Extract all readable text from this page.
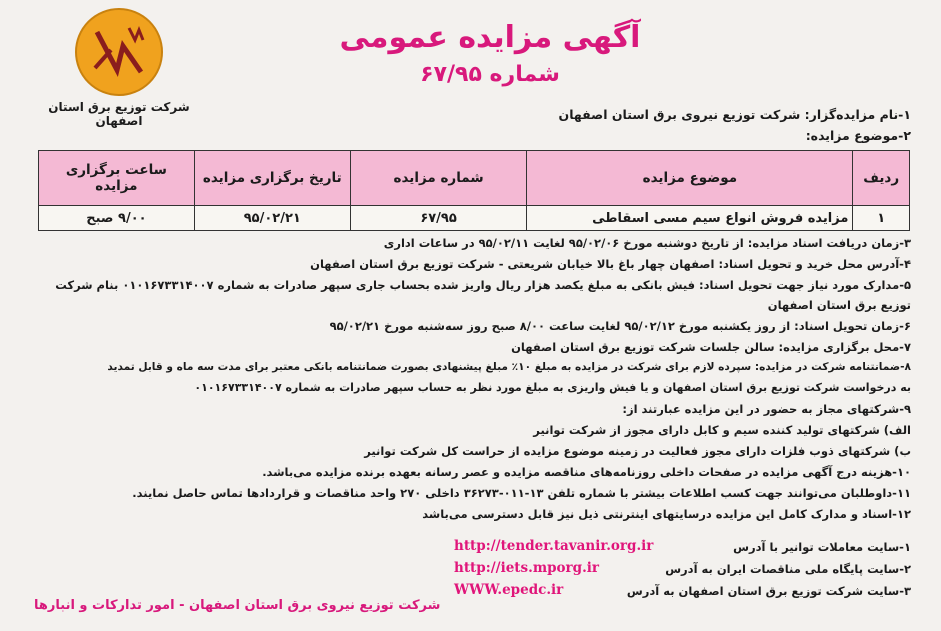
شرکت توزیع برق استان اصفهان
آگهی مزایده عمومی
شماره ۶۷/۹۵
۱-نام مزایده‌گزار: شرکت توزیع نیروی برق استان اصفهان
۲-موضوع مزایده:
ردیف	موضوع مزایده	شماره مزایده	تاریخ برگزاری مزایده	ساعت برگزاری مزایده
۱	مزایده فروش انواع سیم مسی اسقاطی	۶۷/۹۵	۹۵/۰۲/۲۱	۹/۰۰ صبح
۳-زمان دریافت اسناد مزایده: از تاریخ دوشنبه مورخ ۹۵/۰۲/۰۶ لغایت ۹۵/۰۲/۱۱ در ساعات اداری
۴-آدرس محل خرید و تحویل اسناد: اصفهان چهار باغ بالا خیابان شریعتی - شرکت توزیع برق استان اصفهان
۵-مدارک مورد نیاز جهت تحویل اسناد: فیش بانکی به مبلغ یکصد هزار ریال واریز شده بحساب جاری سپهر صادرات به شماره ۰۱۰۱۶۷۳۳۱۴۰۰۷ بنام شرکت
توزیع برق استان اصفهان
۶-زمان تحویل اسناد: از روز یکشنبه مورخ ۹۵/۰۲/۱۲ لغایت ساعت ۸/۰۰ صبح روز سه‌شنبه مورخ ۹۵/۰۲/۲۱
۷-محل برگزاری مزایده: سالن جلسات شرکت توزیع برق استان اصفهان
۸-ضمانتنامه شرکت در مزایده: سپرده لازم برای شرکت در مزایده به مبلغ ۱۰٪ مبلغ پیشنهادی بصورت ضمانتنامه بانکی معتبر برای مدت سه ماه و قابل تمدید
به درخواست شرکت توزیع برق استان اصفهان و یا فیش واریزی به مبلغ مورد نظر به حساب سپهر صادرات به شماره ۰۱۰۱۶۷۳۳۱۴۰۰۷
۹-شرکتهای مجاز به حضور در این مزایده عبارتند از:
الف) شرکتهای تولید کننده سیم و کابل دارای مجوز از شرکت توانیر
ب) شرکتهای ذوب فلزات دارای مجوز فعالیت در زمینه موضوع مزایده از حراست کل شرکت توانیر
۱۰-هزینه درج آگهی مزایده در صفحات داخلی روزنامه‌های مناقصه مزایده و عصر رسانه بعهده برنده مزایده می‌باشد.
۱۱-داوطلبان می‌توانند جهت کسب اطلاعات بیشتر با شماره تلفن ۱۳-۰۱۱-۳۶۲۷۳ داخلی ۲۷۰ واحد مناقصات و قراردادها تماس حاصل نمایند.
۱۲-اسناد و مدارک کامل این مزایده درسایتهای اینترنتی ذیل نیز قابل دسترسی می‌باشد
۱-سایت معاملات توانیر با آدرس
۲-سایت پایگاه ملی مناقصات ایران به آدرس
۳-سایت شرکت توزیع برق استان اصفهان به آدرس
http://tender.tavanir.org.ir
http://iets.mporg.ir
WWW.epedc.ir
شرکت توزیع نیروی برق استان اصفهان - امور تدارکات و انبارها
